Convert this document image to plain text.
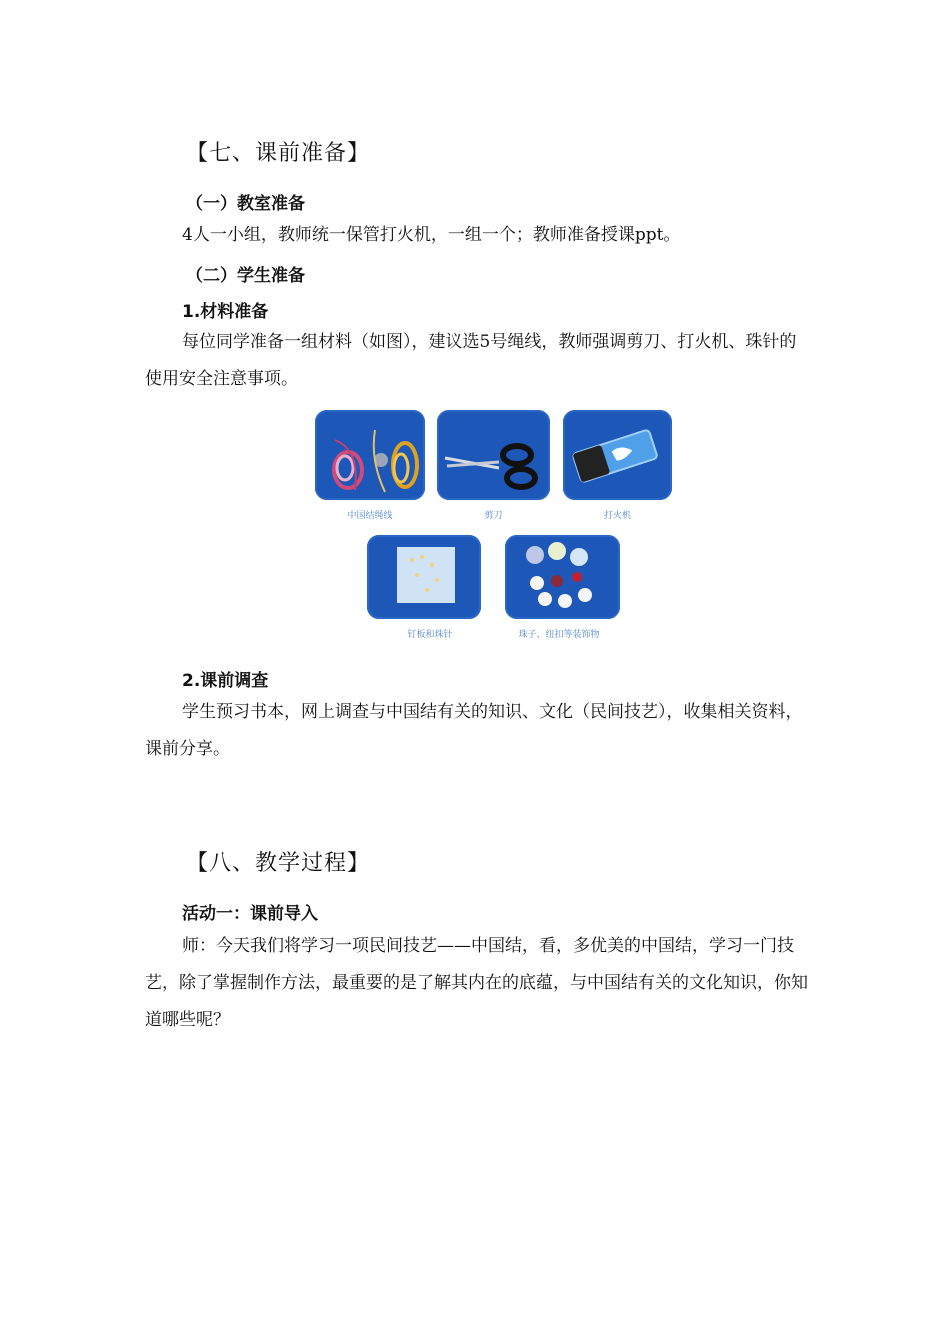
【七、课前准备】
（一）教室准备
4人一小组，教师统一保管打火机，一组一个；教师准备授课ppt。
（二）学生准备
1.材料准备
每位同学准备一组材料（如图），建议选5号绳线，教师强调剪刀、打火机、珠针的使用安全注意事项。
中国结绳线	剪刀	打火机
钉板和珠针	珠子、纽扣等装饰物
2.课前调查
学生预习书本，网上调查与中国结有关的知识、文化（民间技艺），收集相关资料，课前分享。
【八、教学过程】
活动一：课前导入
师：今天我们将学习一项民间技艺——中国结，看，多优美的中国结，学习一门技艺，除了掌握制作方法，最重要的是了解其内在的底蕴，与中国结有关的文化知识，你知道哪些呢？
